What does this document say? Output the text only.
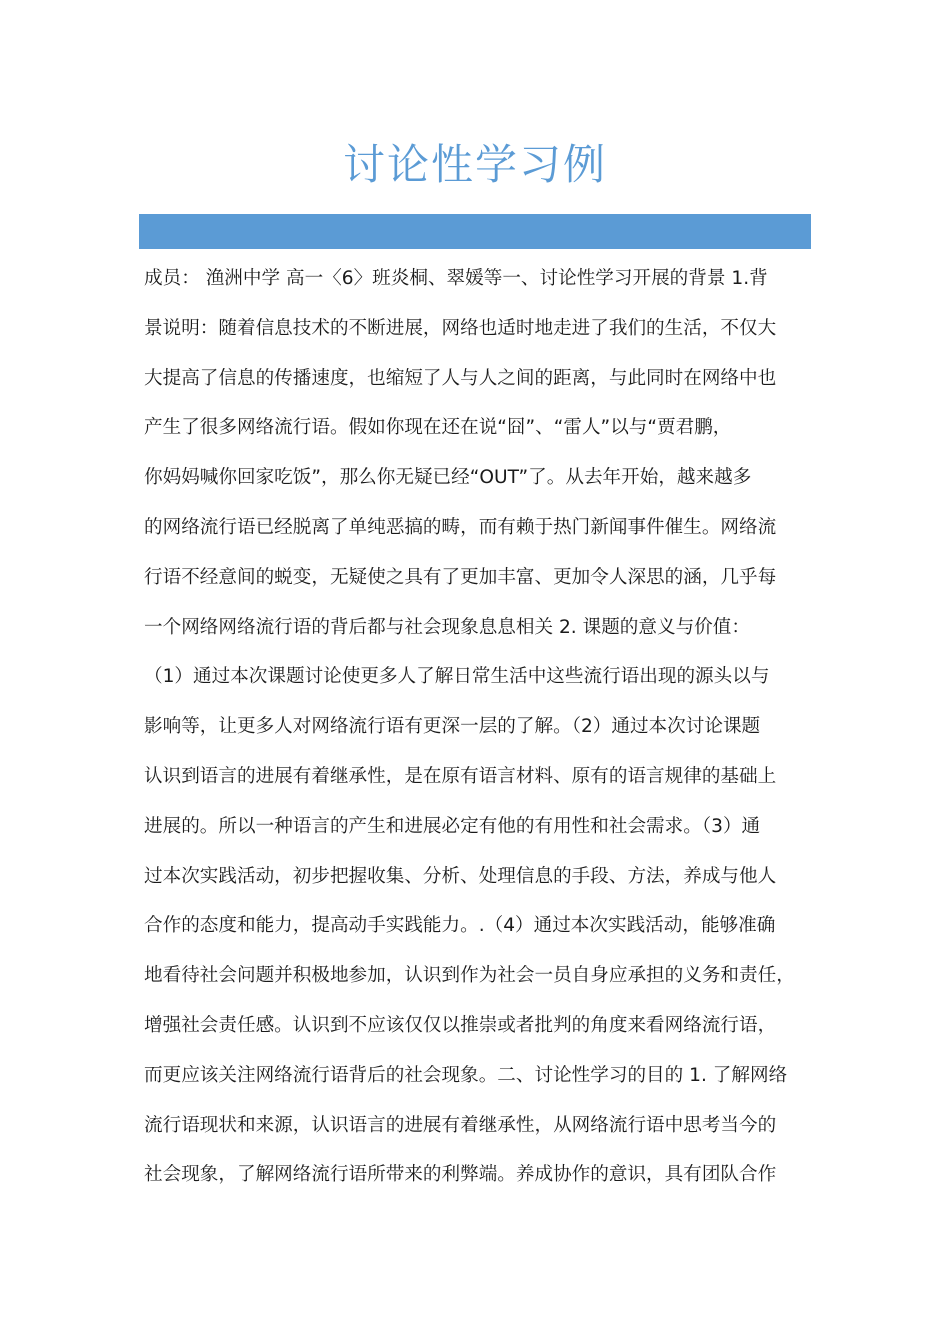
讨论性学习例
成员： 渔洲中学 高一〈6〉班炎桐、翠媛等一、讨论性学习开展的背景 1.背
景说明：随着信息技术的不断进展，网络也适时地走进了我们的生活，不仅大
大提高了信息的传播速度，也缩短了人与人之间的距离，与此同时在网络中也
产生了很多网络流行语。假如你现在还在说“囧”、“雷人”以与“贾君鹏，
你妈妈喊你回家吃饭”，那么你无疑已经“OUT”了。从去年开始，越来越多
的网络流行语已经脱离了单纯恶搞的畴，而有赖于热门新闻事件催生。网络流
行语不经意间的蜕变，无疑使之具有了更加丰富、更加令人深思的涵，几乎每
一个网络网络流行语的背后都与社会现象息息相关 2. 课题的意义与价值：
（1）通过本次课题讨论使更多人了解日常生活中这些流行语出现的源头以与
影响等，让更多人对网络流行语有更深一层的了解。（2）通过本次讨论课题
认识到语言的进展有着继承性，是在原有语言材料、原有的语言规律的基础上
进展的。所以一种语言的产生和进展必定有他的有用性和社会需求。（3）通
过本次实践活动，初步把握收集、分析、处理信息的手段、方法，养成与他人
合作的态度和能力，提高动手实践能力。.（4）通过本次实践活动，能够准确
地看待社会问题并积极地参加，认识到作为社会一员自身应承担的义务和责任，
增强社会责任感。认识到不应该仅仅以推崇或者批判的角度来看网络流行语，
而更应该关注网络流行语背后的社会现象。二、讨论性学习的目的 1. 了解网络
流行语现状和来源，认识语言的进展有着继承性，从网络流行语中思考当今的
社会现象，了解网络流行语所带来的利弊端。养成协作的意识，具有团队合作
